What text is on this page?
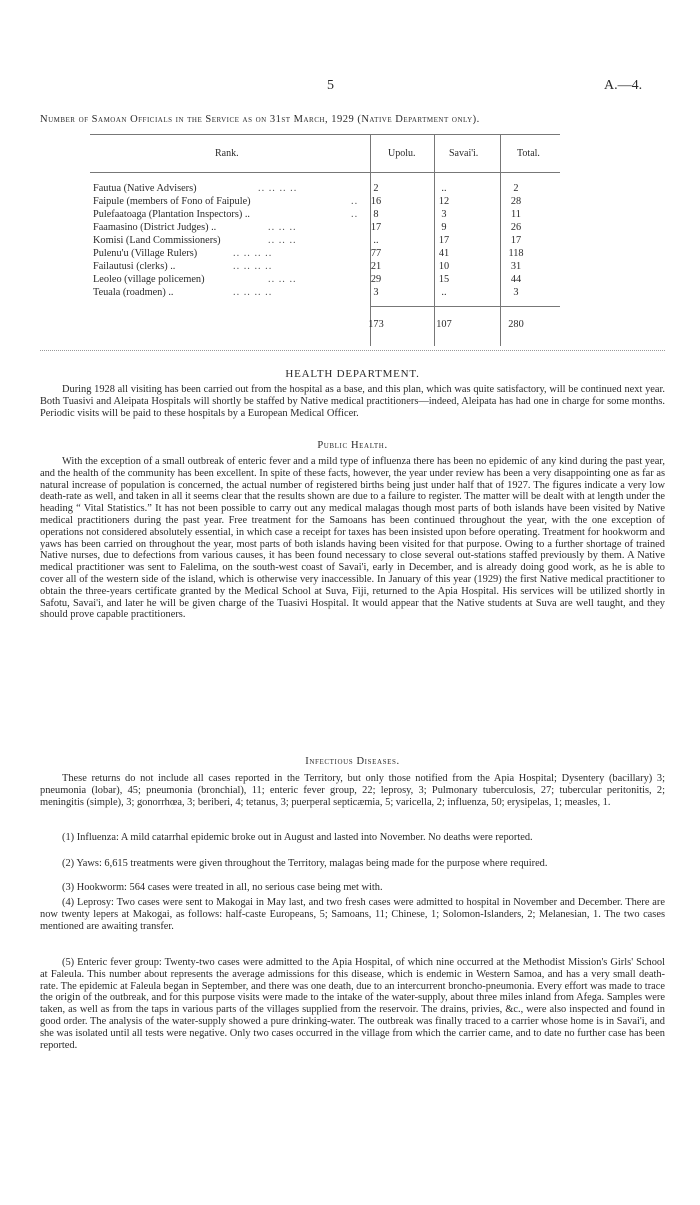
5	A.—4.
Number of Samoan Officials in the Service as on 31st March, 1929 (Native Department only).
Rank.	Upolu.	Savai'i.	Total.
Fautua (Native Advisers)	.. .. .. ..	2	..	2
Faipule (members of Fono of Faipule)	..	16	12	28
Pulefaatoaga (Plantation Inspectors) ..	..	8	3	11
Faamasino (District Judges) ..	.. .. ..	17	9	26
Komisi (Land Commissioners)	.. .. ..	..	17	17
Pulenu'u (Village Rulers)	.. .. .. ..	77	41	118
Failautusi (clerks) ..	.. .. .. ..	21	10	31
Leoleo (village policemen)	.. .. ..	29	15	44
Teuala (roadmen) ..	.. .. .. ..	3	..	3
173	107	280
HEALTH DEPARTMENT.

During 1928 all visiting has been carried out from the hospital as a base, and this plan, which was quite satisfactory, will be continued next year. Both Tuasivi and Aleipata Hospitals will shortly be staffed by Native medical practitioners—indeed, Aleipata has had one in charge for some months. Periodic visits will be paid to these hospitals by a European Medical Officer.

Public Health.

With the exception of a small outbreak of enteric fever and a mild type of influenza there has been no epidemic of any kind during the past year, and the health of the community has been excellent. In spite of these facts, however, the year under review has been a very disappointing one as far as natural increase of population is concerned, the actual number of registered births being just under half that of 1927. The figures indicate a very low death-rate as well, and taken in all it seems clear that the results shown are due to a failure to register. The matter will be dealt with at length under the heading “ Vital Statistics.” It has not been possible to carry out any medical malagas though most parts of both islands have been visited by Native medical practitioners during the past year. Free treatment for the Samoans has been continued throughout the year, with the one exception of operations not considered absolutely essential, in which case a receipt for taxes has been insisted upon before operating. Treatment for hookworm and yaws has been carried on throughout the year, most parts of both islands having been visited for that purpose. Owing to a further shortage of trained Native nurses, due to defections from various causes, it has been found necessary to close several out-stations staffed previously by them. A Native medical practitioner was sent to Falelima, on the south-west coast of Savai'i, early in December, and is already doing good work, as he is able to cover all of the western side of the island, which is otherwise very inaccessible. In January of this year (1929) the first Native medical practitioner to obtain the three-years certificate granted by the Medical School at Suva, Fiji, returned to the Apia Hospital. His services will be utilized shortly in Safotu, Savai'i, and later he will be given charge of the Tuasivi Hospital. It would appear that the Native students at Suva are well taught, and they should prove capable practitioners.

Infectious Diseases.

These returns do not include all cases reported in the Territory, but only those notified from the Apia Hospital; Dysentery (bacillary) 3; pneumonia (lobar), 45; pneumonia (bronchial), 11; enteric fever group, 22; leprosy, 3; Pulmonary tuberculosis, 27; tubercular peritonitis, 2; meningitis (simple), 3; gonorrhœa, 3; beriberi, 4; tetanus, 3; puerperal septicæmia, 5; varicella, 2; influenza, 50; erysipelas, 1; measles, 1.

(1) Influenza: A mild catarrhal epidemic broke out in August and lasted into November. No deaths were reported.

(2) Yaws: 6,615 treatments were given throughout the Territory, malagas being made for the purpose where required.

(3) Hookworm: 564 cases were treated in all, no serious case being met with.

(4) Leprosy: Two cases were sent to Makogai in May last, and two fresh cases were admitted to hospital in November and December. There are now twenty lepers at Makogai, as follows: half-caste Europeans, 5; Samoans, 11; Chinese, 1; Solomon-Islanders, 2; Melanesian, 1. The two cases mentioned are awaiting transfer.

(5) Enteric fever group: Twenty-two cases were admitted to the Apia Hospital, of which nine occurred at the Methodist Mission's Girls' School at Faleula. This number about represents the average admissions for this disease, which is endemic in Western Samoa, and has a very small death-rate. The epidemic at Faleula began in September, and there was one death, due to an intercurrent broncho-pneumonia. Every effort was made to trace the origin of the outbreak, and for this purpose visits were made to the intake of the water-supply, about three miles inland from Afega. Samples were taken, as well as from the taps in various parts of the villages supplied from the reservoir. The drains, privies, &c., were also inspected and found in good order. The analysis of the water-supply showed a pure drinking-water. The outbreak was finally traced to a carrier whose home is in Savai'i, and she was isolated until all tests were negative. Only two cases occurred in the village from which the carrier came, and to date no further case has been reported.
